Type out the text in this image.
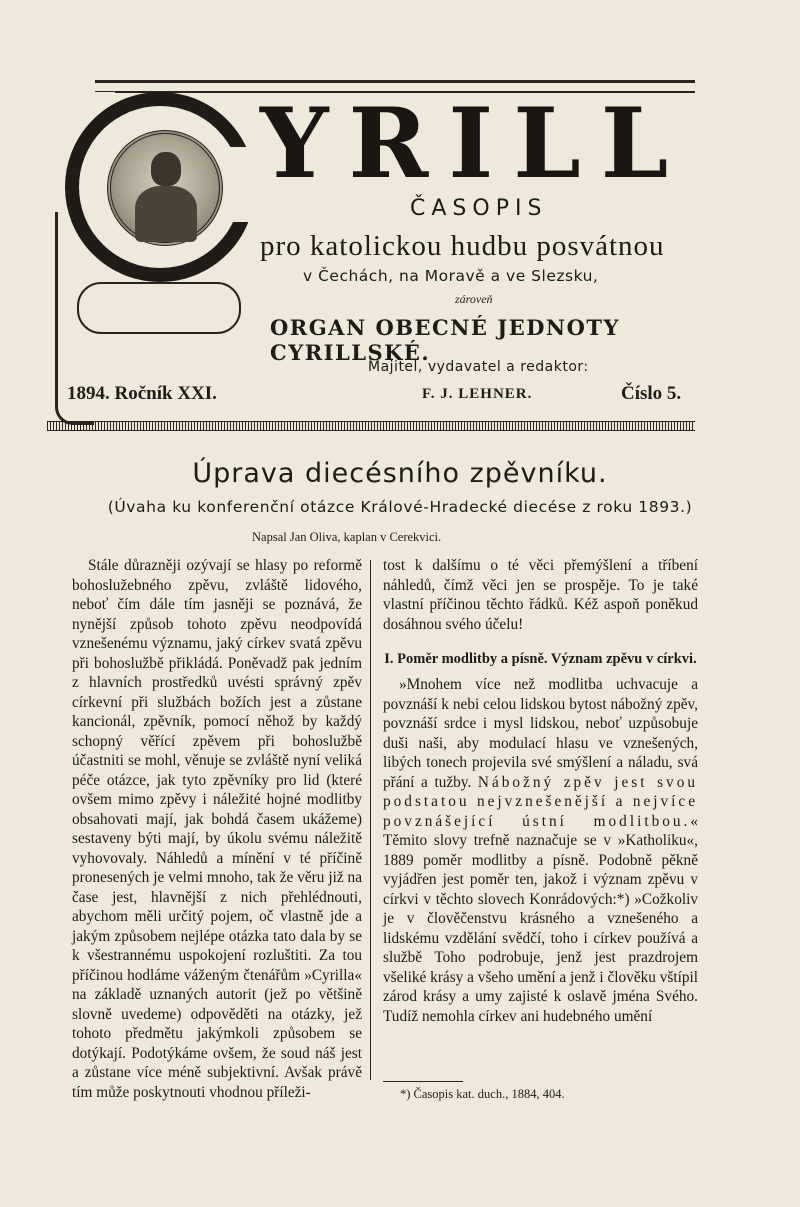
YRILL
ČASOPIS
pro katolickou hudbu posvátnou
v Čechách, na Moravě a ve Slezsku,
zároveň
ORGAN OBECNÉ JEDNOTY CYRILLSKÉ.
Majitel, vydavatel a redaktor:
1894. Ročník XXI.	F. J. LEHNER.	Číslo 5.
Úprava diecésního zpěvníku.
(Úvaha ku konferenční otázce Králové-Hradecké diecése z roku 1893.)
Napsal Jan Oliva, kaplan v Cerekvici.

Stále důrazněji ozývají se hlasy po reformě bohoslužebného zpěvu, zvláště lidového, neboť čím dále tím jasněji se poznává, že nynější způsob tohoto zpěvu neodpovídá vznešenému významu, jaký církev svatá zpěvu při bohoslužbě přikládá. Poněvadž pak jedním z hlavních prostředků uvésti správný zpěv církevní při službách božích jest a zůstane kancionál, zpěvník, pomocí něhož by každý schopný věřící zpěvem při bohoslužbě účastniti se mohl, věnuje se zvláště nyní veliká péče otázce, jak tyto zpěvníky pro lid (které ovšem mimo zpěvy i náležité hojné modlitby obsahovati mají, jak bohdá časem ukážeme) sestaveny býti mají, by úkolu svému náležitě vyhovovaly. Náhledů a mínění v té příčině pronesených je velmi mnoho, tak že věru již na čase jest, hlavnější z nich přehlédnouti, abychom měli určitý pojem, oč vlastně jde a jakým způsobem nejlépe otázka tato dala by se k všestrannému uspokojení rozluštiti. Za tou příčinou hodláme váženým čtenářům »Cyrilla« na základě uznaných autorit (jež po většině slovně uvedeme) odpověděti na otázky, jež tohoto předmětu jakýmkoli způsobem se dotýkají. Podotýkáme ovšem, že soud náš jest a zůstane více méně subjektivní. Avšak právě tím může poskytnouti vhodnou příleži-

tost k dalšímu o té věci přemýšlení a tříbení náhledů, čímž věci jen se prospěje. To je také vlastní příčinou těchto řádků. Kéž aspoň poněkud dosáhnou svého účelu!

I. Poměr modlitby a písně. Význam zpěvu v církvi.

»Mnohem více než modlitba uchvacuje a povznáší k nebi celou lidskou bytost nábožný zpěv, povznáší srdce i mysl lidskou, neboť uzpůsobuje duši naši, aby modulací hlasu ve vznešených, libých tonech projevila své smýšlení a náladu, svá přání a tužby. Nábožný zpěv jest svou podstatou nejvznešenější a nejvíce povznášející ústní modlitbou.« Těmito slovy trefně naznačuje se v »Katholiku«, 1889 poměr modlitby a písně. Podobně pěkně vyjádřen jest poměr ten, jakož i význam zpěvu v církvi v těchto slovech Konrádových:*) »Cožkoliv je v člověčenstvu krásného a vznešeného a lidskému vzdělání svědčí, toho i církev používá a službě Toho podrobuje, jenž jest prazdrojem všeliké krásy a všeho umění a jenž i člověku vštípil zárod krásy a umy zajisté k oslavě jména Svého. Tudíž nemohla církev ani hudebného umění

*) Časopis kat. duch., 1884, 404.
